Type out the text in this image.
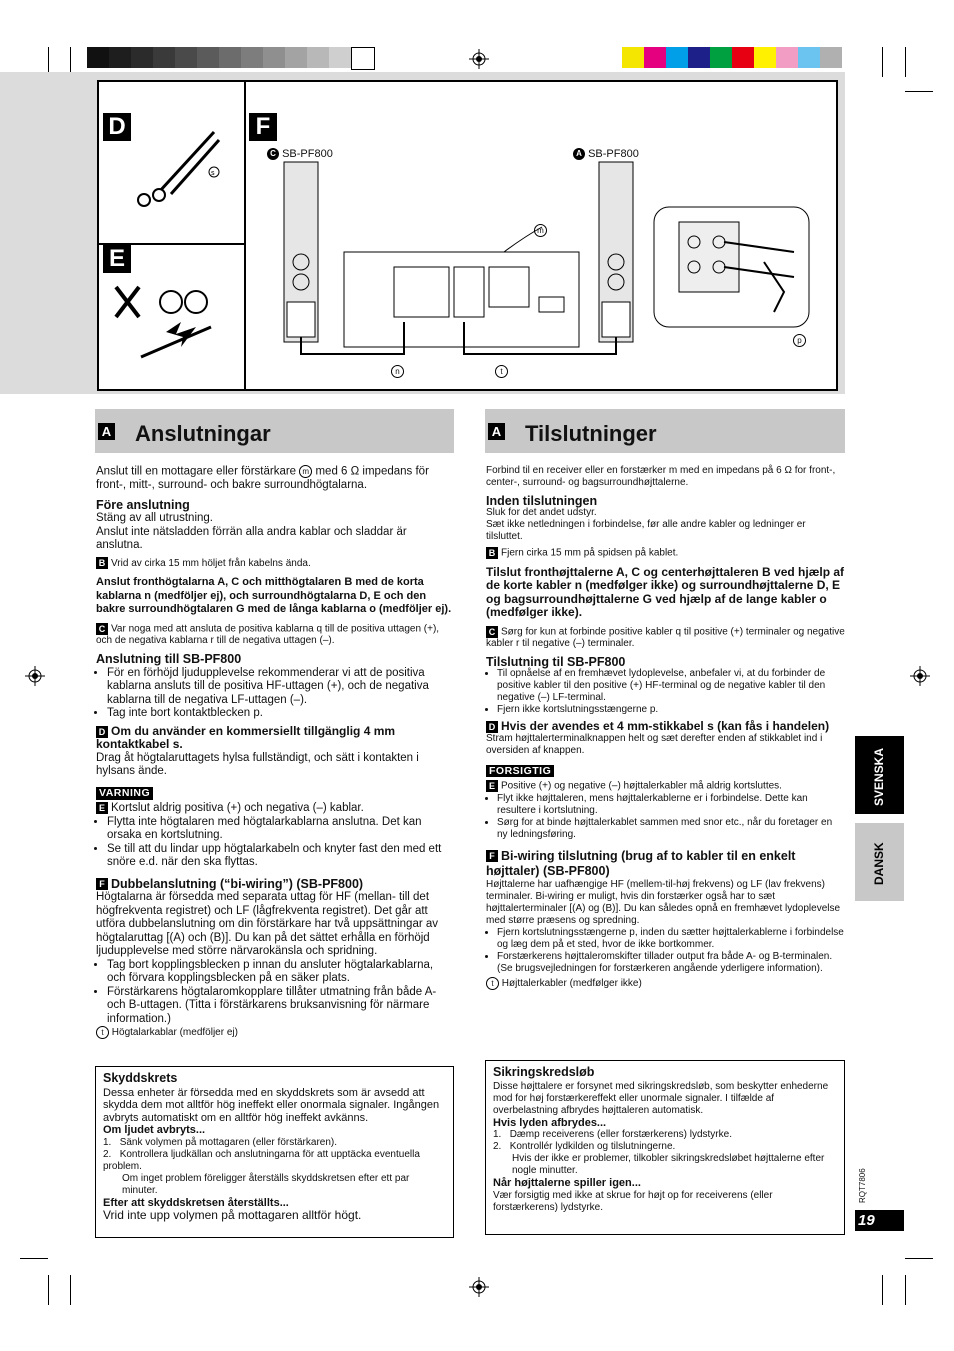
D
E
F
s
C SB-PF800	A SB-PF800
m
n	t
p
A Anslutningar

Anslut till en mottagare eller förstärkare m med 6 Ω impedans för front-, mitt-, surround- och bakre surroundhögtalarna.

Före anslutning

Stäng av all utrustning.

Anslut inte nätsladden förrän alla andra kablar och sladdar är anslutna.

B Vrid av cirka 15 mm höljet från kabelns ända.

Anslut fronthögtalarna A, C och mitthögtalaren B med de korta kablarna n (medföljer ej), och surroundhögtalarna D, E och den bakre surroundhögtalaren G med de långa kablarna o (medföljer ej).

C Var noga med att ansluta de positiva kablarna q till de positiva uttagen (+), och de negativa kablarna r till de negativa uttagen (–).

Anslutning till SB-PF800

• För en förhöjd ljudupplevelse rekommenderar vi att de positiva kablarna ansluts till de positiva HF-uttagen (+), och de negativa kablarna till de negativa LF-uttagen (–).
• Tag inte bort kontaktblecken p.

D Om du använder en kommersiellt tillgänglig 4 mm kontaktkabel s.

Drag åt högtalaruttagets hylsa fullständigt, och sätt i kontakten i hylsans ände.

VARNING

E Kortslut aldrig positiva (+) och negativa (–) kablar.

• Flytta inte högtalaren med högtalarkablarna anslutna. Det kan orsaka en kortslutning.
• Se till att du lindar upp högtalarkabeln och knyter fast den med ett snöre e.d. när den ska flyttas.

F Dubbelanslutning (“bi-wiring”) (SB-PF800)

Högtalarna är försedda med separata uttag för HF (mellan- till det högfrekventa registret) och LF (lågfrekventa registret). Det går att utföra dubbelanslutning om din förstärkare har två uppsättningar av högtalaruttag [(A) och (B)]. Du kan på det sättet erhålla en förhöjd ljudupplevelse med större närvarokänsla och spridning.

• Tag bort kopplingsblecken p innan du ansluter högtalarkablarna, och förvara kopplingsblecken på en säker plats.
• Förstärkarens högtalaromkopplare tillåter utmatning från både A- och B-uttagen. (Titta i förstärkarens bruksanvisning för närmare information.)

t Högtalarkablar (medföljer ej)

Skyddskrets

Dessa enheter är försedda med en skyddskrets som är avsedd att skydda dem mot alltför hög ineffekt eller onormala signaler. Ingången avbryts automatiskt om en alltför hög ineffekt avkänns.

Om ljudet avbryts...

1.   Sänk volymen på mottagaren (eller förstärkaren).

2.   Kontrollera ljudkällan och anslutningarna för att upptäcka eventuella problem.

Om inget problem föreligger återställs skyddskretsen efter ett par minuter.

Efter att skyddskretsen återställts...

Vrid inte upp volymen på mottagaren alltför högt.

A Tilslutninger

Forbind til en receiver eller en forstærker m med en impedans på 6 Ω for front-, center-, surround- og bagsurroundhøjttalerne.

Inden tilslutningen

Sluk for det andet udstyr.

Sæt ikke netledningen i forbindelse, før alle andre kabler og ledninger er tilsluttet.

B Fjern cirka 15 mm på spidsen på kablet.

Tilslut fronthøjttalerne A, C og centerhøjttaleren B ved hjælp af de korte kabler n (medfølger ikke) og surroundhøjttalerne D, E og bagsurroundhøjttalerne G ved hjælp af de lange kabler o (medfølger ikke).

C Sørg for kun at forbinde positive kabler q til positive (+) terminaler og negative kabler r til negative (–) terminaler.

Tilslutning til SB-PF800

• Til opnåelse af en fremhævet lydoplevelse, anbefaler vi, at du forbinder de positive kabler til den positive (+) HF-terminal og de negative kabler til den negative (–) LF-terminal.
• Fjern ikke kortslutningsstængerne p.

D Hvis der avendes et 4 mm-stikkabel s (kan fås i handelen)

Stram højttalerterminalknappen helt og sæt derefter enden af stikkablet ind i oversiden af knappen.

FORSIGTIG

E Positive (+) og negative (–) højttalerkabler må aldrig kortsluttes.

• Flyt ikke højttaleren, mens højttalerkablerne er i forbindelse. Dette kan resultere i kortslutning.
• Sørg for at binde højttalerkablet sammen med snor etc., når du foretager en ny ledningsføring.

F Bi-wiring tilslutning (brug af to kabler til en enkelt højttaler) (SB-PF800)

Højttalerne har uafhængige HF (mellem-til-høj frekvens) og LF (lav frekvens) terminaler. Bi-wiring er muligt, hvis din forstærker også har to sæt højttalerterminaler [(A) og (B)]. Du kan således opnå en fremhævet lydoplevelse med større præsens og spredning.

• Fjern kortslutningsstængerne p, inden du sætter højttalerkablerne i forbindelse og læg dem på et sted, hvor de ikke bortkommer.
• Forstærkerens højttaleromskifter tillader output fra både A- og B-terminalen. (Se brugsvejledningen for forstærkeren angående yderligere information).

t Højttalerkabler (medfølger ikke)

Sikringskredsløb

Disse højttalere er forsynet med sikringskredsløb, som beskytter enhederne mod for høj forstærkereffekt eller unormale signaler. I tilfælde af overbelastning afbrydes højttaleren automatisk.

Hvis lyden afbrydes...

1.   Dæmp receiverens (eller forstærkerens) lydstyrke.

2.   Kontrollér lydkilden og tilslutningerne.

Hvis der ikke er problemer, tilkobler sikringskredsløbet højttalerne efter nogle minutter.

Når højttalerne spiller igen...

Vær forsigtig med ikke at skrue for højt op for receiverens (eller forstærkerens) lydstyrke.

SVENSKA
DANSK
RQT7806
19
